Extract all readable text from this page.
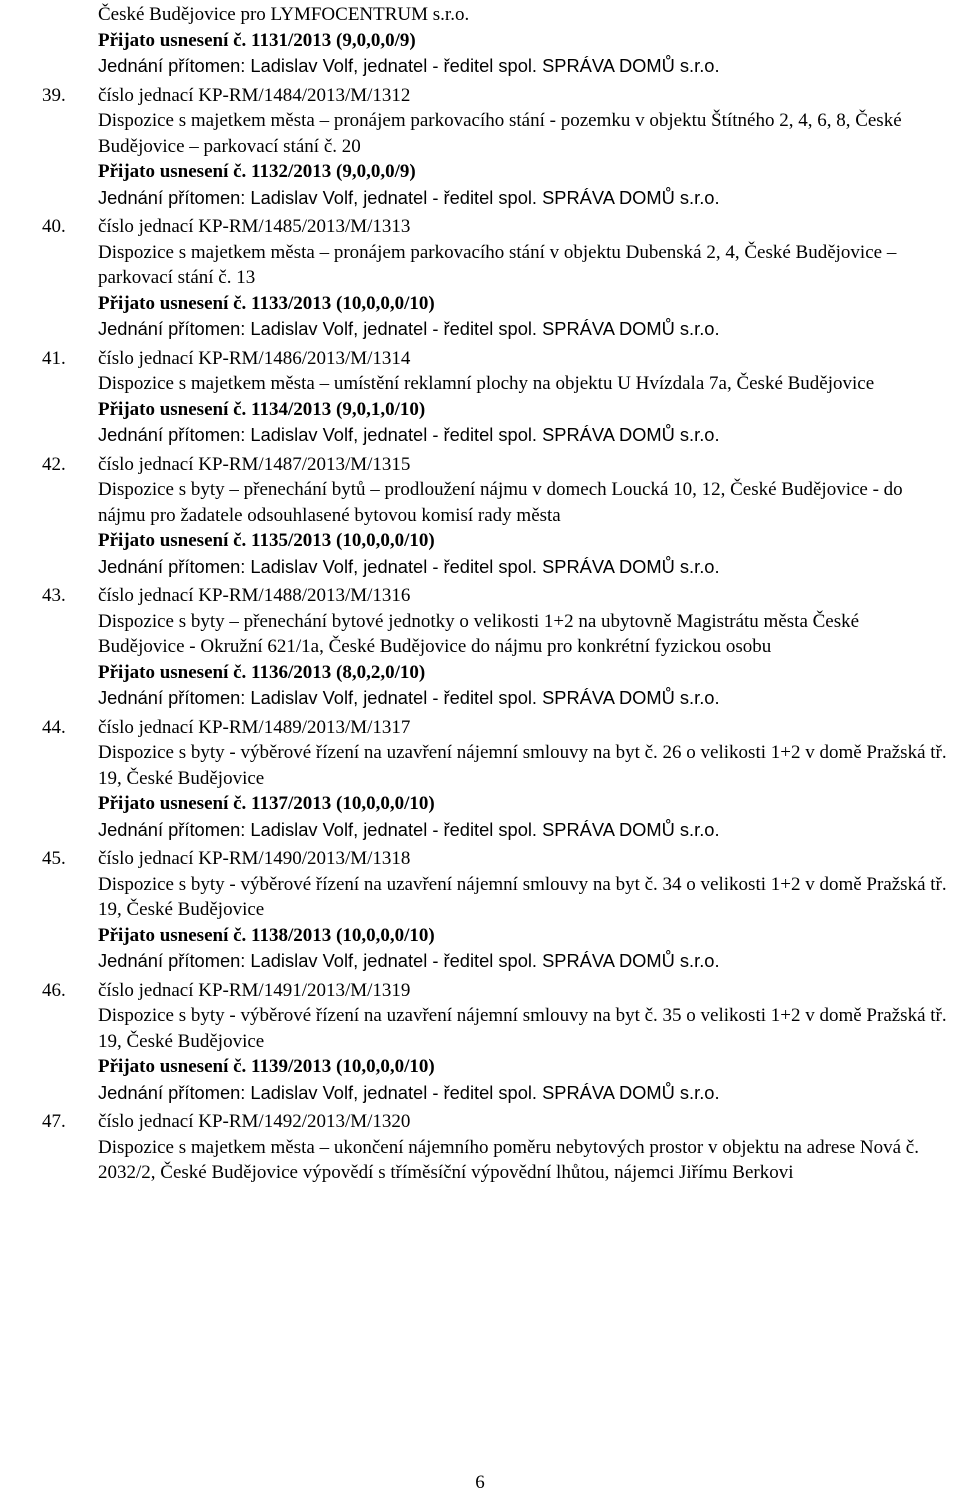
České Budějovice pro LYMFOCENTRUM s.r.o.
Přijato usnesení č. 1131/2013 (9,0,0,0/9)
Jednání přítomen: Ladislav Volf, jednatel - ředitel spol. SPRÁVA DOMŮ s.r.o.
39. číslo jednací KP-RM/1484/2013/M/1312
Dispozice s majetkem města – pronájem parkovacího stání - pozemku v objektu Štítného 2, 4, 6, 8, České Budějovice – parkovací stání č. 20
Přijato usnesení č. 1132/2013 (9,0,0,0/9)
Jednání přítomen: Ladislav Volf, jednatel - ředitel spol. SPRÁVA DOMŮ s.r.o.
40. číslo jednací KP-RM/1485/2013/M/1313
Dispozice s majetkem města – pronájem parkovacího stání v objektu Dubenská 2, 4, České Budějovice – parkovací stání č. 13
Přijato usnesení č. 1133/2013 (10,0,0,0/10)
Jednání přítomen: Ladislav Volf, jednatel - ředitel spol. SPRÁVA DOMŮ s.r.o.
41. číslo jednací KP-RM/1486/2013/M/1314
Dispozice s majetkem města – umístění reklamní plochy na objektu U Hvízdala 7a, České Budějovice
Přijato usnesení č. 1134/2013 (9,0,1,0/10)
Jednání přítomen: Ladislav Volf, jednatel - ředitel spol. SPRÁVA DOMŮ s.r.o.
42. číslo jednací KP-RM/1487/2013/M/1315
Dispozice s byty – přenechání bytů – prodloužení nájmu v domech Loucká 10, 12, České Budějovice - do nájmu pro žadatele odsouhlasené bytovou komisí rady města
Přijato usnesení č. 1135/2013 (10,0,0,0/10)
Jednání přítomen: Ladislav Volf, jednatel - ředitel spol. SPRÁVA DOMŮ s.r.o.
43. číslo jednací KP-RM/1488/2013/M/1316
Dispozice s byty – přenechání bytové jednotky o velikosti 1+2 na ubytovně Magistrátu města České Budějovice - Okružní 621/1a, České Budějovice do nájmu pro konkrétní fyzickou osobu
Přijato usnesení č. 1136/2013 (8,0,2,0/10)
Jednání přítomen: Ladislav Volf, jednatel - ředitel spol. SPRÁVA DOMŮ s.r.o.
44. číslo jednací KP-RM/1489/2013/M/1317
Dispozice s byty - výběrové řízení na uzavření nájemní smlouvy na byt č. 26 o velikosti 1+2 v domě Pražská tř. 19, České Budějovice
Přijato usnesení č. 1137/2013 (10,0,0,0/10)
Jednání přítomen: Ladislav Volf, jednatel - ředitel spol. SPRÁVA DOMŮ s.r.o.
45. číslo jednací KP-RM/1490/2013/M/1318
Dispozice s byty - výběrové řízení na uzavření nájemní smlouvy na byt č. 34 o velikosti 1+2 v domě Pražská tř. 19, České Budějovice
Přijato usnesení č. 1138/2013 (10,0,0,0/10)
Jednání přítomen: Ladislav Volf, jednatel - ředitel spol. SPRÁVA DOMŮ s.r.o.
46. číslo jednací KP-RM/1491/2013/M/1319
Dispozice s byty - výběrové řízení na uzavření nájemní smlouvy na byt č. 35 o velikosti 1+2 v domě Pražská tř. 19, České Budějovice
Přijato usnesení č. 1139/2013 (10,0,0,0/10)
Jednání přítomen: Ladislav Volf, jednatel - ředitel spol. SPRÁVA DOMŮ s.r.o.
47. číslo jednací KP-RM/1492/2013/M/1320
Dispozice s majetkem města – ukončení nájemního poměru nebytových prostor v objektu na adrese Nová č. 2032/2, České Budějovice výpovědí s tříměsíční výpovědní lhůtou, nájemci Jiřímu Berkovi
6
